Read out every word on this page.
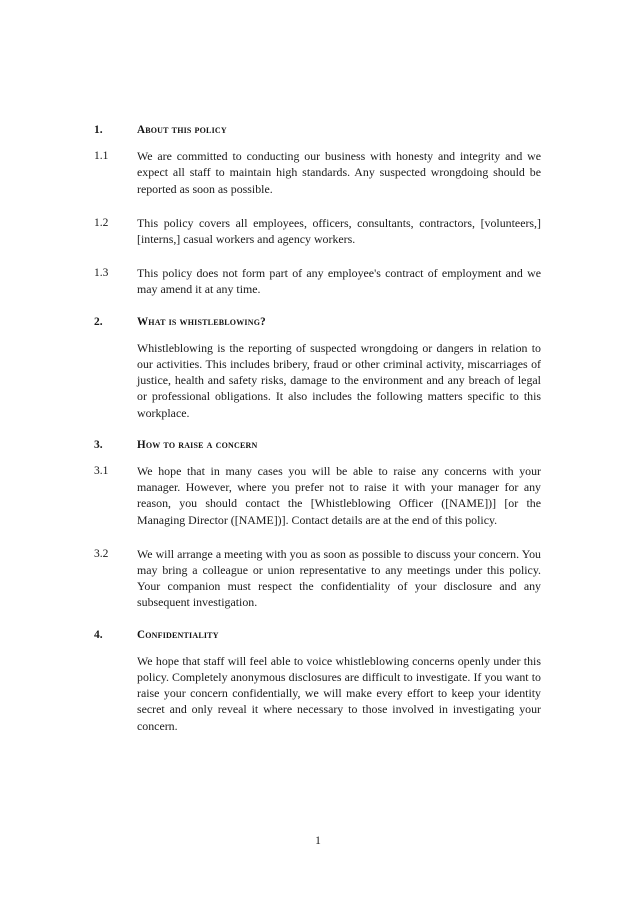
1.	About this policy
1.1	We are committed to conducting our business with honesty and integrity and we expect all staff to maintain high standards. Any suspected wrongdoing should be reported as soon as possible.
1.2	This policy covers all employees, officers, consultants, contractors, [volunteers,] [interns,] casual workers and agency workers.
1.3	This policy does not form part of any employee's contract of employment and we may amend it at any time.
2.	What is whistleblowing?
Whistleblowing is the reporting of suspected wrongdoing or dangers in relation to our activities. This includes bribery, fraud or other criminal activity, miscarriages of justice, health and safety risks, damage to the environment and any breach of legal or professional obligations. It also includes the following matters specific to this workplace.
3.	How to raise a concern
3.1	We hope that in many cases you will be able to raise any concerns with your manager. However, where you prefer not to raise it with your manager for any reason, you should contact the [Whistleblowing Officer ([NAME])] [or the Managing Director ([NAME])]. Contact details are at the end of this policy.
3.2	We will arrange a meeting with you as soon as possible to discuss your concern. You may bring a colleague or union representative to any meetings under this policy. Your companion must respect the confidentiality of your disclosure and any subsequent investigation.
4.	Confidentiality
We hope that staff will feel able to voice whistleblowing concerns openly under this policy. Completely anonymous disclosures are difficult to investigate. If you want to raise your concern confidentially, we will make every effort to keep your identity secret and only reveal it where necessary to those involved in investigating your concern.
1
